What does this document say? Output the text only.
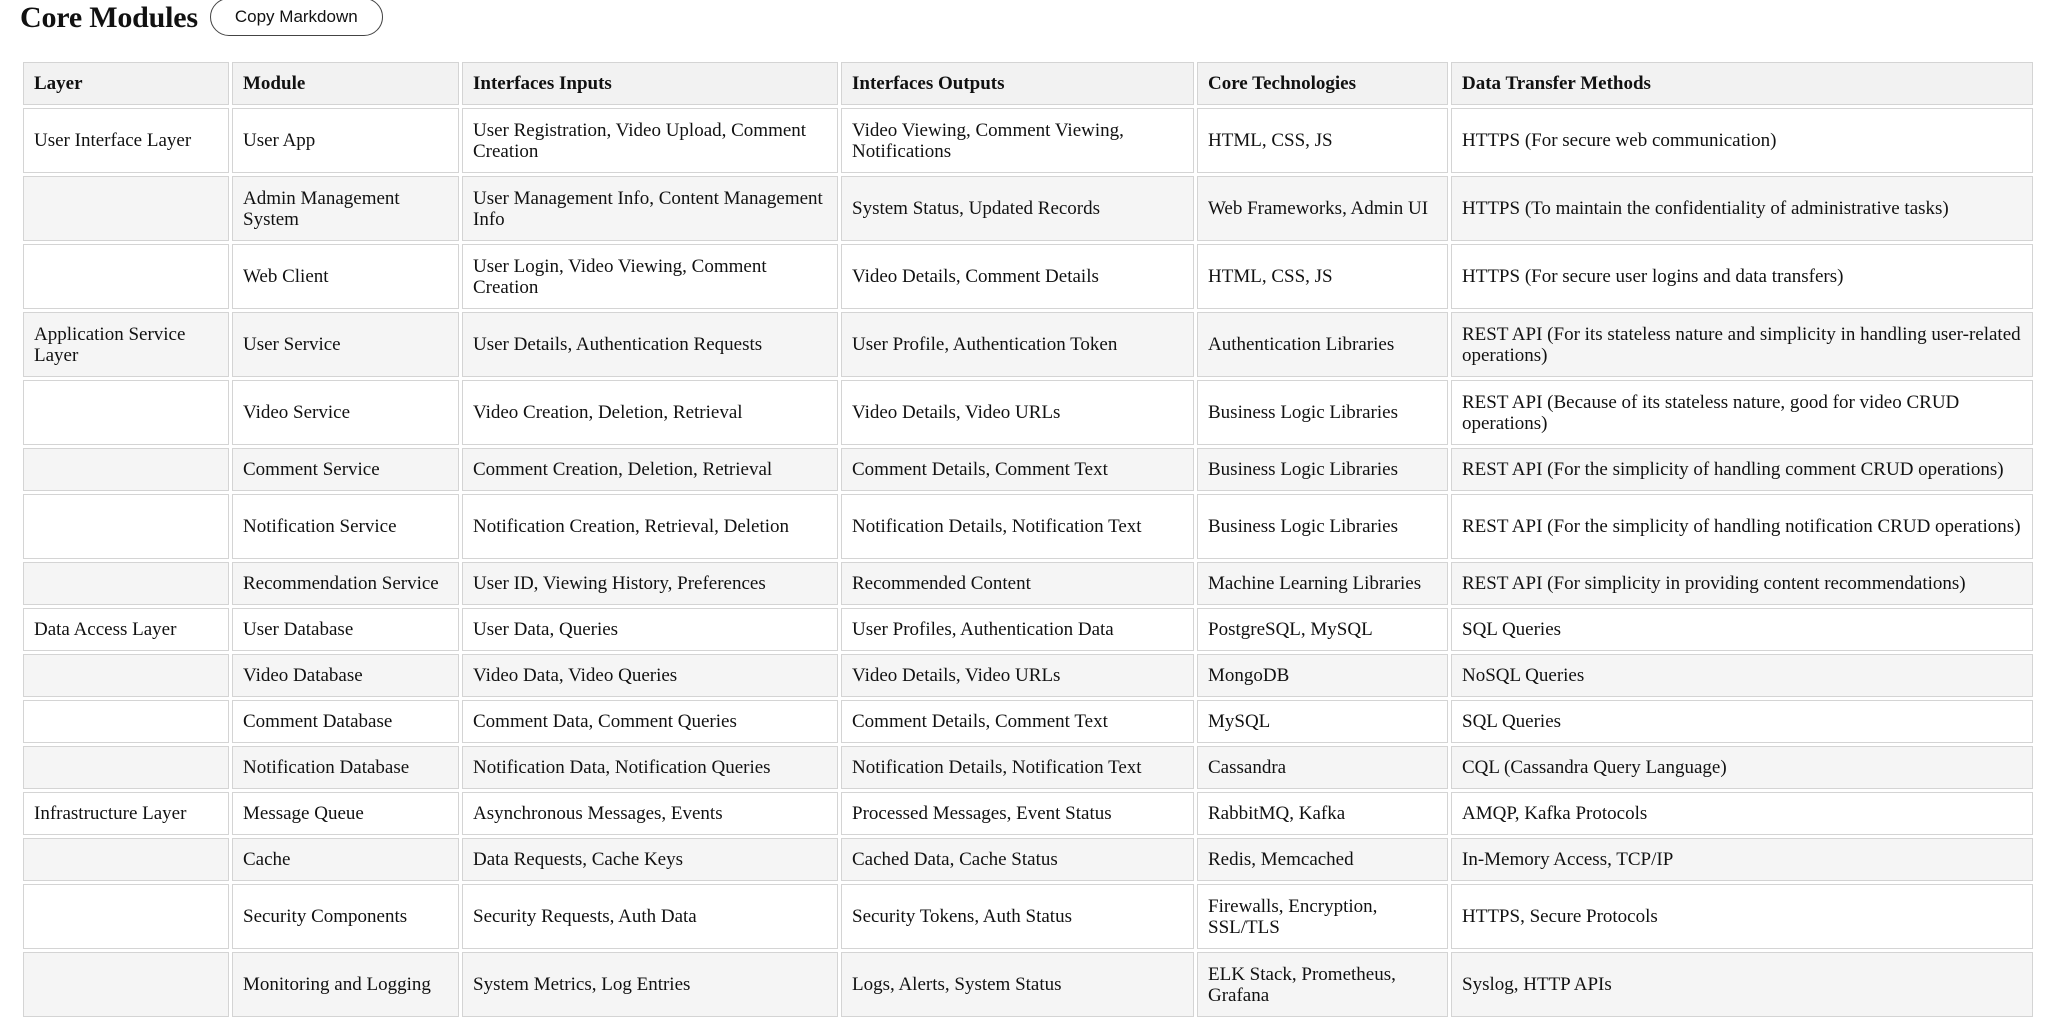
Core Modules	Copy Markdown
Layer	Module	Interfaces Inputs	Interfaces Outputs	Core Technologies	Data Transfer Methods
User Interface Layer	User App	User Registration, Video Upload, Comment Creation	Video Viewing, Comment Viewing, Notifications	HTML, CSS, JS	HTTPS (For secure web communication)
	Admin Management System	User Management Info, Content Management Info	System Status, Updated Records	Web Frameworks, Admin UI	HTTPS (To maintain the confidentiality of administrative tasks)
	Web Client	User Login, Video Viewing, Comment Creation	Video Details, Comment Details	HTML, CSS, JS	HTTPS (For secure user logins and data transfers)
Application Service Layer	User Service	User Details, Authentication Requests	User Profile, Authentication Token	Authentication Libraries	REST API (For its stateless nature and simplicity in handling user-related operations)
	Video Service	Video Creation, Deletion, Retrieval	Video Details, Video URLs	Business Logic Libraries	REST API (Because of its stateless nature, good for video CRUD operations)
	Comment Service	Comment Creation, Deletion, Retrieval	Comment Details, Comment Text	Business Logic Libraries	REST API (For the simplicity of handling comment CRUD operations)
	Notification Service	Notification Creation, Retrieval, Deletion	Notification Details, Notification Text	Business Logic Libraries	REST API (For the simplicity of handling notification CRUD operations)
	Recommendation Service	User ID, Viewing History, Preferences	Recommended Content	Machine Learning Libraries	REST API (For simplicity in providing content recommendations)
Data Access Layer	User Database	User Data, Queries	User Profiles, Authentication Data	PostgreSQL, MySQL	SQL Queries
	Video Database	Video Data, Video Queries	Video Details, Video URLs	MongoDB	NoSQL Queries
	Comment Database	Comment Data, Comment Queries	Comment Details, Comment Text	MySQL	SQL Queries
	Notification Database	Notification Data, Notification Queries	Notification Details, Notification Text	Cassandra	CQL (Cassandra Query Language)
Infrastructure Layer	Message Queue	Asynchronous Messages, Events	Processed Messages, Event Status	RabbitMQ, Kafka	AMQP, Kafka Protocols
	Cache	Data Requests, Cache Keys	Cached Data, Cache Status	Redis, Memcached	In-Memory Access, TCP/IP
	Security Components	Security Requests, Auth Data	Security Tokens, Auth Status	Firewalls, Encryption, SSL/TLS	HTTPS, Secure Protocols
	Monitoring and Logging	System Metrics, Log Entries	Logs, Alerts, System Status	ELK Stack, Prometheus, Grafana	Syslog, HTTP APIs
